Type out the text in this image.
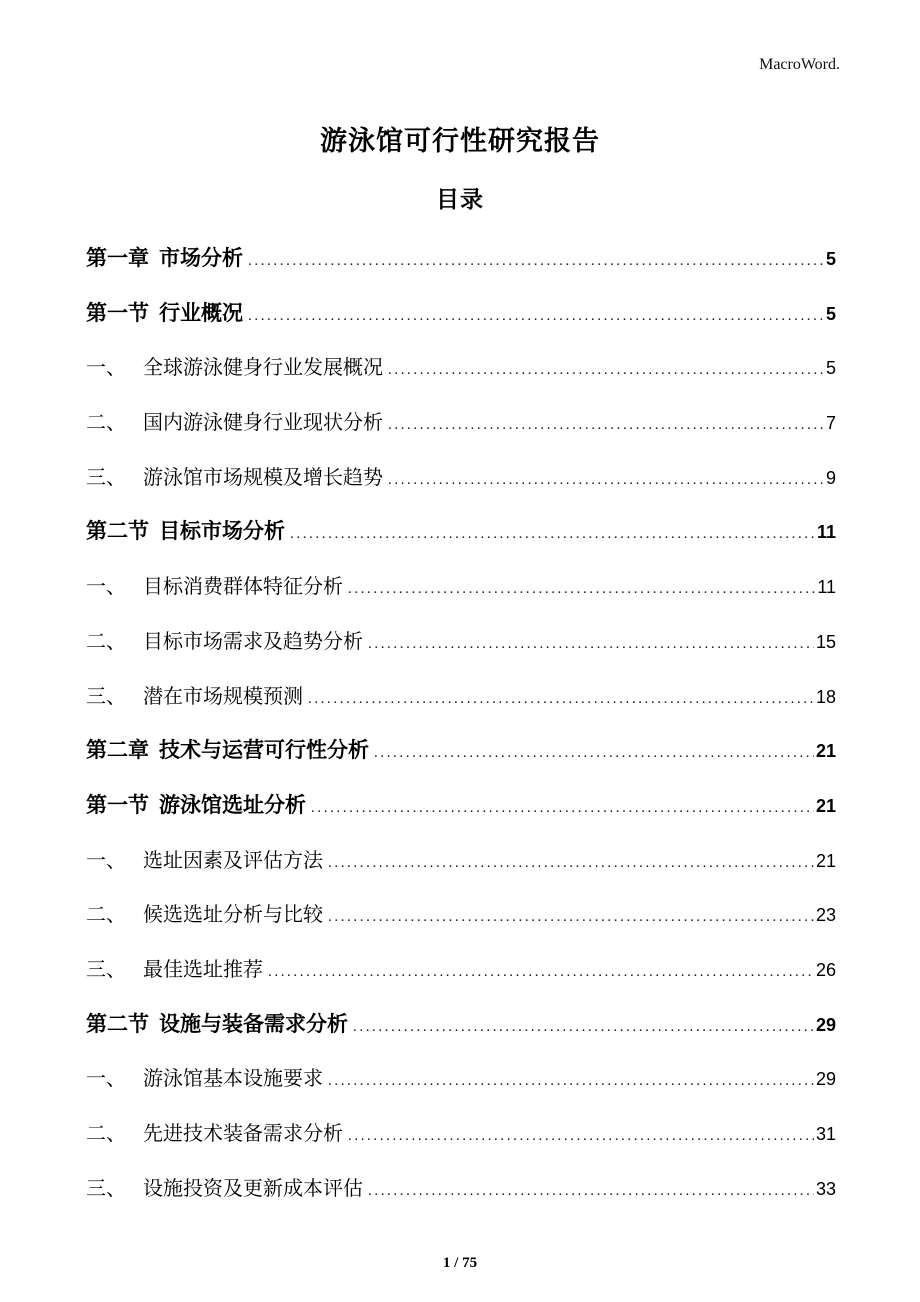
MacroWord.
游泳馆可行性研究报告
目录
第一章 市场分析 .....	5
第一节 行业概况 .....	5
一、 全球游泳健身行业发展概况 .....	5
二、 国内游泳健身行业现状分析 .....	7
三、 游泳馆市场规模及增长趋势 .....	9
第二节 目标市场分析 .....	11
一、 目标消费群体特征分析 .....	11
二、 目标市场需求及趋势分析 .....	15
三、 潜在市场规模预测 .....	18
第二章 技术与运营可行性分析 .....	21
第一节 游泳馆选址分析 .....	21
一、 选址因素及评估方法 .....	21
二、 候选选址分析与比较 .....	23
三、 最佳选址推荐 .....	26
第二节 设施与装备需求分析 .....	29
一、 游泳馆基本设施要求 .....	29
二、 先进技术装备需求分析 .....	31
三、 设施投资及更新成本评估 .....	33
1 / 75
